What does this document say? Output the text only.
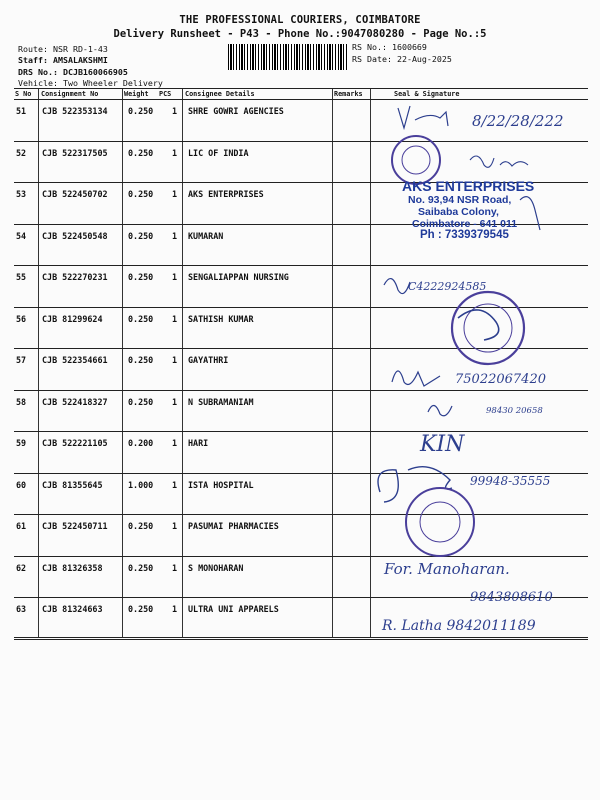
THE PROFESSIONAL COURIERS, COIMBATORE
Delivery Runsheet - P43 - Phone No.:9047080280 - Page No.:5
Route: NSR RD-1-43
Staff: AMSALAKSHMI
DRS No.: DCJB160066905
Vehicle: Two Wheeler Delivery
RS No.: 1600669
RS Date: 22-Aug-2025
S No Consignment No	Weight PCS Consignee Details	Remarks	Seal & Signature
51 CJB 522353134 0.250 1 SHRE GOWRI AGENCIES
52 CJB 522317505 0.250 1 LIC OF INDIA
53 CJB 522450702 0.250 1 AKS ENTERPRISES
54 CJB 522450548 0.250 1 KUMARAN
55 CJB 522270231 0.250 1 SENGALIAPPAN NURSING
56 CJB 81299624	0.250 1 SATHISH KUMAR
57 CJB 522354661 0.250 1 GAYATHRI
58 CJB 522418327 0.250 1 N SUBRAMANIAM
59 CJB 522221105 0.200 1 HARI
60 CJB 81355645	1.000 1 ISTA HOSPITAL
61 CJB 522450711 0.250 1 PASUMAI PHARMACIES
62 CJB 81326358	0.250 1 S MONOHARAN
63 CJB 81324663	0.250 1 ULTRA UNI APPARELS
AKS ENTERPRISES
No. 93,94 NSR Road,
Saibaba Colony,
Coimbatore - 641 011
Ph : 7339379545
8/22/28/222
C4222924585
75022067420
98430 20658
KIN
99948-35555
For. Manoharan.
9843808610
R. Latha 9842011189
